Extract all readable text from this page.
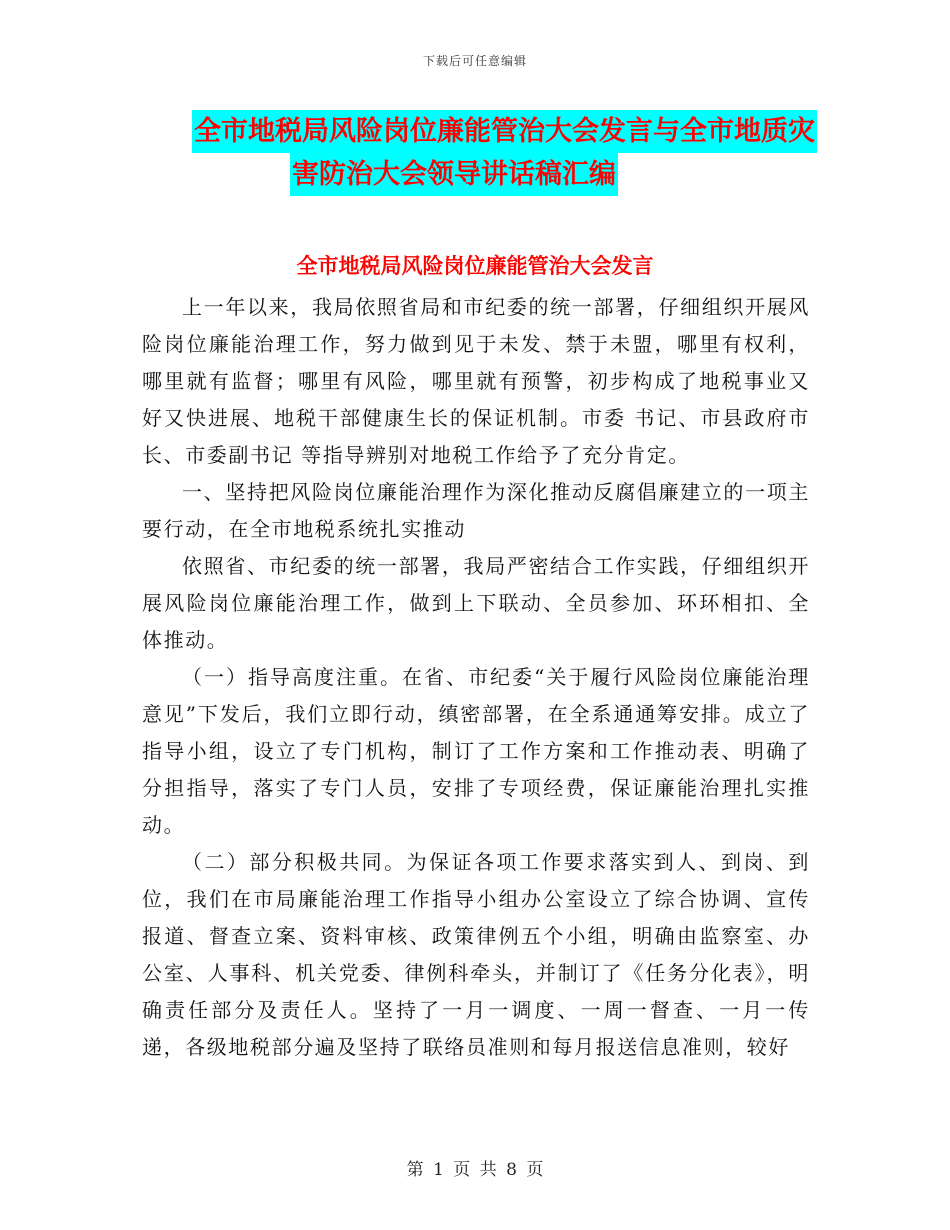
下载后可任意编辑
全市地税局风险岗位廉能管治大会发言与全市地质灾
害防治大会领导讲话稿汇编
全市地税局风险岗位廉能管治大会发言

上一年以来，我局依照省局和市纪委的统一部署，仔细组织开展风险岗位廉能治理工作，努力做到见于未发、禁于未盟，哪里有权利，哪里就有监督；哪里有风险，哪里就有预警，初步构成了地税事业又好又快进展、地税干部健康生长的保证机制。市委 书记、市县政府市长、市委副书记 等指导辨别对地税工作给予了充分肯定。

一、坚持把风险岗位廉能治理作为深化推动反腐倡廉建立的一项主要行动，在全市地税系统扎实推动

依照省、市纪委的统一部署，我局严密结合工作实践，仔细组织开展风险岗位廉能治理工作，做到上下联动、全员参加、环环相扣、全体推动。

（一）指导高度注重。在省、市纪委“关于履行风险岗位廉能治理意见”下发后，我们立即行动，缜密部署，在全系通通筹安排。成立了指导小组，设立了专门机构，制订了工作方案和工作推动表、明确了分担指导，落实了专门人员，安排了专项经费，保证廉能治理扎实推动。

（二）部分积极共同。为保证各项工作要求落实到人、到岗、到位，我们在市局廉能治理工作指导小组办公室设立了综合协调、宣传报道、督查立案、资料审核、政策律例五个小组，明确由监察室、办公室、人事科、机关党委、律例科牵头，并制订了《任务分化表》，明确责任部分及责任人。坚持了一月一调度、一周一督查、一月一传递，各级地税部分遍及坚持了联络员准则和每月报送信息准则，较好

第 1 页 共 8 页
